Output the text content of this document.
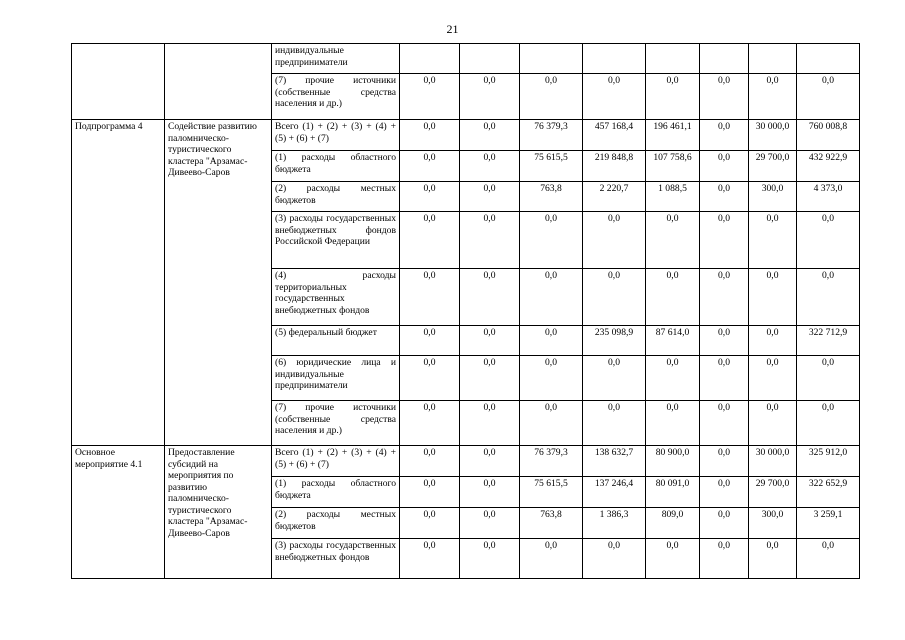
21
		индивидуальные предприниматели								
		(7) прочие источники (собственные средства населения и др.)	0,0	0,0	0,0	0,0	0,0	0,0	0,0	0,0
Подпрограмма 4	Содействие развитию паломническо-туристического кластера "Арзамас-Дивеево-Саров	Всего (1) + (2) + (3) + (4) + (5) + (6) + (7)	0,0	0,0	76 379,3	457 168,4	196 461,1	0,0	30 000,0	760 008,8
		(1) расходы областного бюджета	0,0	0,0	75 615,5	219 848,8	107 758,6	0,0	29 700,0	432 922,9
		(2) расходы местных бюджетов	0,0	0,0	763,8	2 220,7	1 088,5	0,0	300,0	4 373,0
		(3) расходы государственных внебюджетных фондов Российской Федерации	0,0	0,0	0,0	0,0	0,0	0,0	0,0	0,0
		(4) расходы территориальных государственных внебюджетных фондов	0,0	0,0	0,0	0,0	0,0	0,0	0,0	0,0
		(5) федеральный бюджет	0,0	0,0	0,0	235 098,9	87 614,0	0,0	0,0	322 712,9
		(6) юридические лица и индивидуальные предприниматели	0,0	0,0	0,0	0,0	0,0	0,0	0,0	0,0
		(7) прочие источники (собственные средства населения и др.)	0,0	0,0	0,0	0,0	0,0	0,0	0,0	0,0
Основное мероприятие 4.1	Предоставление субсидий на мероприятия по развитию паломническо-туристического кластера "Арзамас-Дивеево-Саров	Всего (1) + (2) + (3) + (4) + (5) + (6) + (7)	0,0	0,0	76 379,3	138 632,7	80 900,0	0,0	30 000,0	325 912,0
		(1) расходы областного бюджета	0,0	0,0	75 615,5	137 246,4	80 091,0	0,0	29 700,0	322 652,9
		(2) расходы местных бюджетов	0,0	0,0	763,8	1 386,3	809,0	0,0	300,0	3 259,1
		(3) расходы государственных внебюджетных фондов	0,0	0,0	0,0	0,0	0,0	0,0	0,0	0,0
